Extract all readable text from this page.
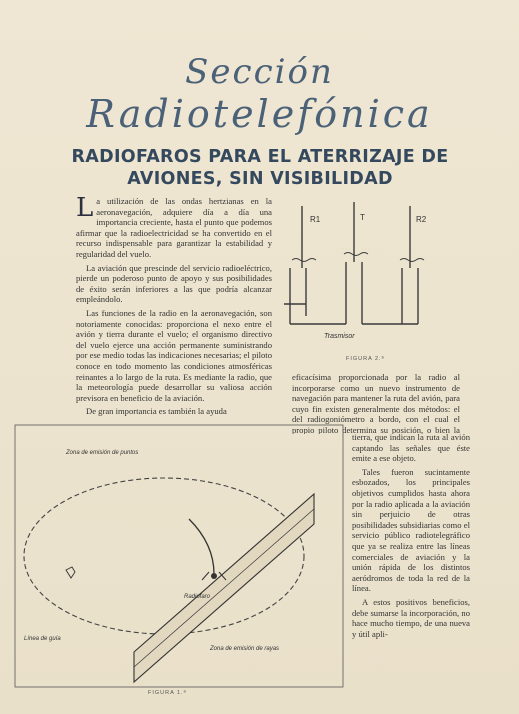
Sección
Radiotelefónica
RADIOFAROS PARA EL ATERRIZAJE DE
AVIONES, SIN VISIBILIDAD

La utilización de las ondas hertzianas en la aeronavegación, adquiere día a día una importancia creciente, hasta el punto que podemos afirmar que la radioelectricidad se ha convertido en el recurso indispensable para garantizar la estabilidad y regularidad del vuelo.

La aviación que prescinde del servicio radioeléctrico, pierde un poderoso punto de apoyo y sus posibilidades de éxito serán inferiores a las que podría alcanzar empleándolo.

Las funciones de la radio en la aeronavegación, son notoriamente conocidas: proporciona el nexo entre el avión y tierra durante el vuelo; el organismo directivo del vuelo ejerce una acción permanente suministrando por ese medio todas las indicaciones necesarias; el piloto conoce en todo momento las condiciones atmosféricas reinantes a lo largo de la ruta. Es mediante la radio, que la meteorología puede desarrollar su valiosa acción previsora en beneficio de la aviación.

De gran importancia es también la ayuda

R1	T	R2
Trasmisor
FIGURA 2.ª

eficacísima proporcionada por la radio al incorporarse como un nuevo instrumento de navegación para mantener la ruta del avión, para cuyo fin existen generalmente dos métodos: el del radiogoniómetro a bordo, con el cual el propio piloto determina su posición, o bien la

Zona de emisión de puntos
Radiofaro
Línea de guía
Zona de emisión de rayas
FIGURA 1.ª

tierra, que indican la ruta al avión captando las señales que éste emite a ese objeto.

Tales fueron sucintamente esbozados, los principales objetivos cumplidos hasta ahora por la radio aplicada a la aviación sin perjuicio de otras posibilidades subsidiarias como el servicio público radiotelegráfico que ya se realiza entre las líneas comerciales de aviación y la unión rápida de los distintos aeródromos de toda la red de la línea.

A estos positivos beneficios, debe sumarse la incorporación, no hace mucho tiempo, de una nueva y útil apli-
